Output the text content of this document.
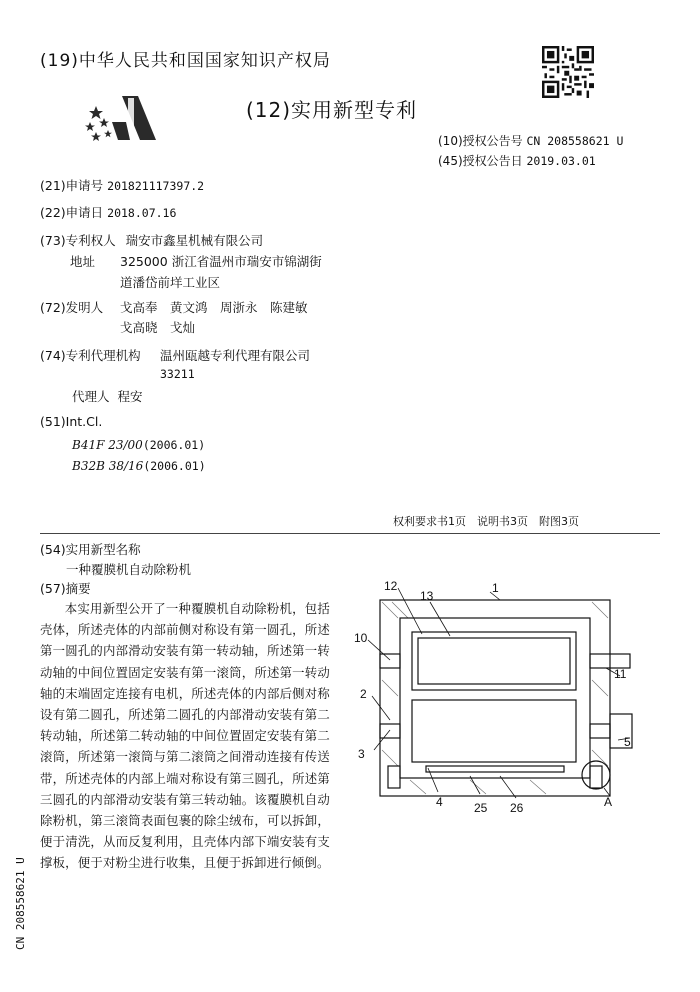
(19)中华人民共和国国家知识产权局
(12)实用新型专利
(10)授权公告号 CN 208558621 U
(45)授权公告日 2019.03.01
(21)申请号 201821117397.2
(22)申请日 2018.07.16
(73)专利权人 瑞安市鑫星机械有限公司
地址 325000 浙江省温州市瑞安市锦湖街
道潘岱前垟工业区
(72)发明人 戈高奉　黄文鸿　周浙永　陈建敏
戈高晓　戈灿
(74)专利代理机构 温州瓯越专利代理有限公司
33211
代理人 程安
(51)Int.Cl.
B41F 23/00(2006.01)
B32B 38/16(2006.01)
权利要求书1页　说明书3页　附图3页
(54)实用新型名称
一种覆膜机自动除粉机
(57)摘要

本实用新型公开了一种覆膜机自动除粉机，包括壳体，所述壳体的内部前侧对称设有第一圆孔，所述第一圆孔的内部滑动安装有第一转动轴，所述第一转动轴的中间位置固定安装有第一滚筒，所述第一转动轴的末端固定连接有电机，所述壳体的内部后侧对称设有第二圆孔，所述第二圆孔的内部滑动安装有第二转动轴，所述第二转动轴的中间位置固定安装有第二滚筒，所述第一滚筒与第二滚筒之间滑动连接有传送带，所述壳体的内部上端对称设有第三圆孔，所述第三圆孔的内部滑动安装有第三转动轴。该覆膜机自动除粉机，第三滚筒表面包裹的除尘绒布，可以拆卸，便于清洗，从而反复利用，且壳体内部下端安装有支撑板，便于对粉尘进行收集，且便于拆卸进行倾倒。

CN 208558621 U
1
12
13
10
11
2
3
5
A
4	25 26
